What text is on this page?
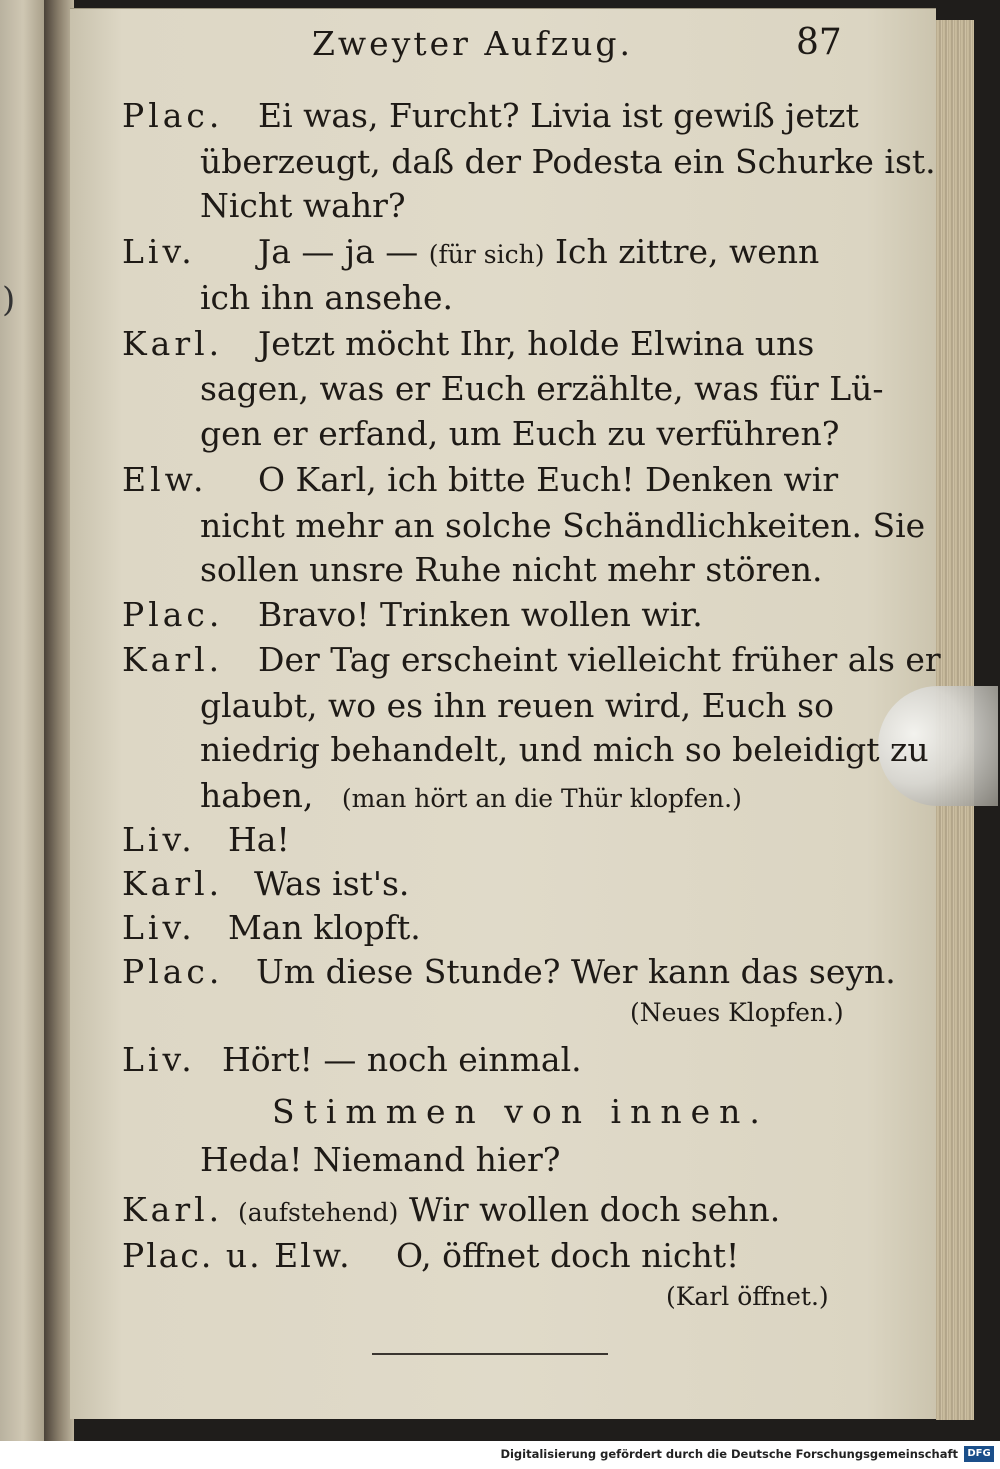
)
Zweyter Aufzug.	87
Plac. Ei was, Furcht? Livia ist gewiß jetzt
überzeugt, daß der Podesta ein Schurke ist.
Nicht wahr?
Liv. Ja — ja — (für sich) Ich zittre, wenn
ich ihn ansehe.
Karl. Jetzt möcht Ihr, holde Elwina uns
sagen, was er Euch erzählte, was für Lü-
gen er erfand, um Euch zu verführen?
Elw. O Karl, ich bitte Euch! Denken wir
nicht mehr an solche Schändlichkeiten. Sie
sollen unsre Ruhe nicht mehr stören.
Plac. Bravo! Trinken wollen wir.
Karl. Der Tag erscheint vielleicht früher als er
glaubt, wo es ihn reuen wird, Euch so
niedrig behandelt, und mich so beleidigt zu
haben, (man hört an die Thür klopfen.)
Liv. Ha!
Karl. Was ist's.
Liv. Man klopft.
Plac. Um diese Stunde? Wer kann das seyn.
(Neues Klopfen.)
Liv. Hört! — noch einmal.
Stimmen von innen.
Heda! Niemand hier?
Karl. (aufstehend) Wir wollen doch sehn.
Plac. u. Elw. O, öffnet doch nicht!
(Karl öffnet.)
Digitalisierung gefördert durch die Deutsche Forschungsgemeinschaft DFG
